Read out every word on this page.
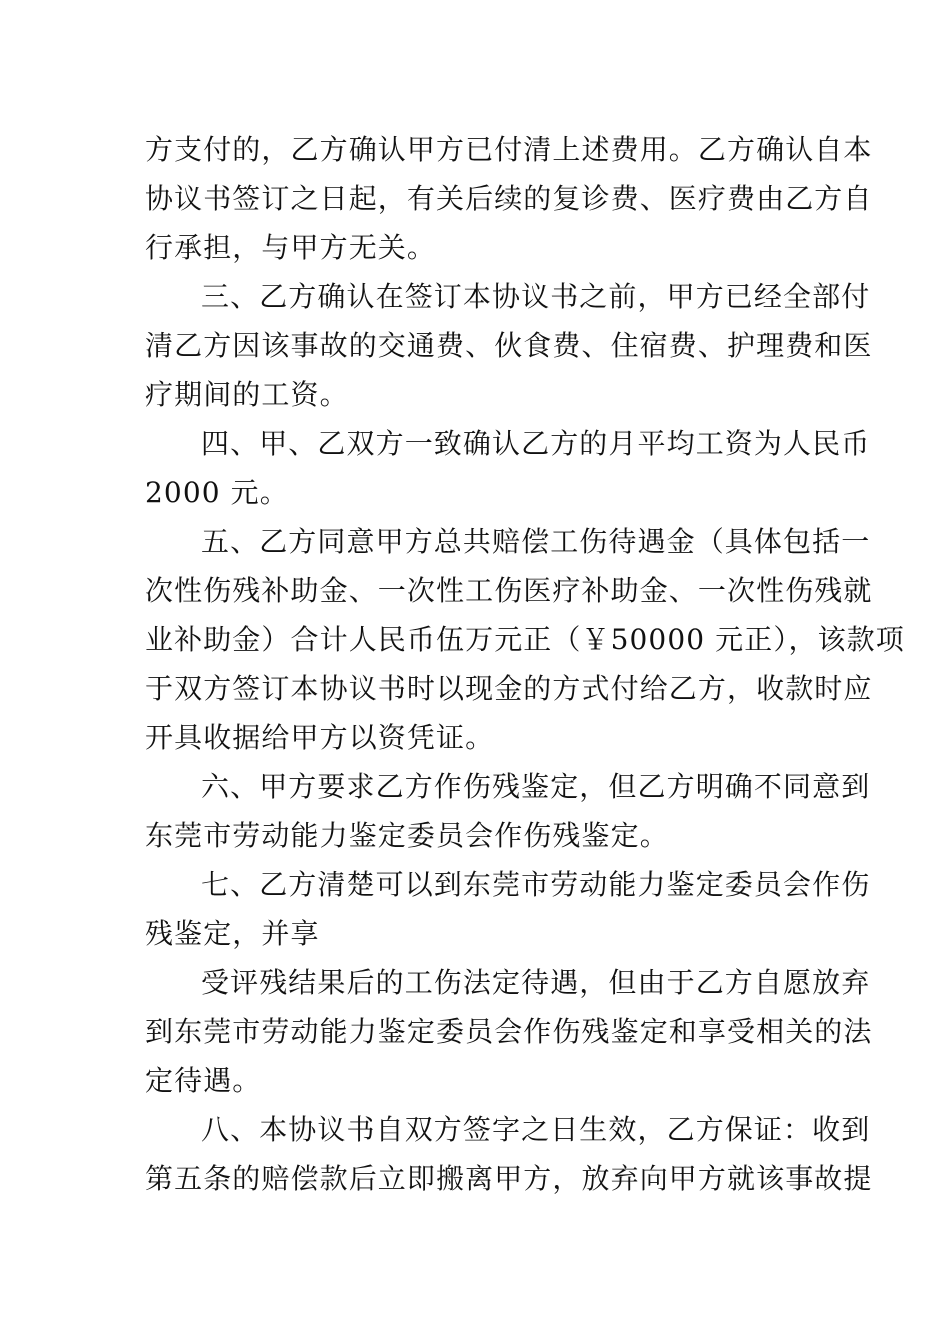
方支付的，乙方确认甲方已付清上述费用。乙方确认自本
协议书签订之日起，有关后续的复诊费、医疗费由乙方自
行承担，与甲方无关。
三、乙方确认在签订本协议书之前，甲方已经全部付
清乙方因该事故的交通费、伙食费、住宿费、护理费和医
疗期间的工资。
四、甲、乙双方一致确认乙方的月平均工资为人民币
2000 元。
五、乙方同意甲方总共赔偿工伤待遇金（具体包括一
次性伤残补助金、一次性工伤医疗补助金、一次性伤残就
业补助金）合计人民币伍万元正（￥50000 元正），该款项
于双方签订本协议书时以现金的方式付给乙方，收款时应
开具收据给甲方以资凭证。
六、甲方要求乙方作伤残鉴定，但乙方明确不同意到
东莞市劳动能力鉴定委员会作伤残鉴定。
七、乙方清楚可以到东莞市劳动能力鉴定委员会作伤
残鉴定，并享
受评残结果后的工伤法定待遇，但由于乙方自愿放弃
到东莞市劳动能力鉴定委员会作伤残鉴定和享受相关的法
定待遇。
八、本协议书自双方签字之日生效，乙方保证：收到
第五条的赔偿款后立即搬离甲方，放弃向甲方就该事故提
